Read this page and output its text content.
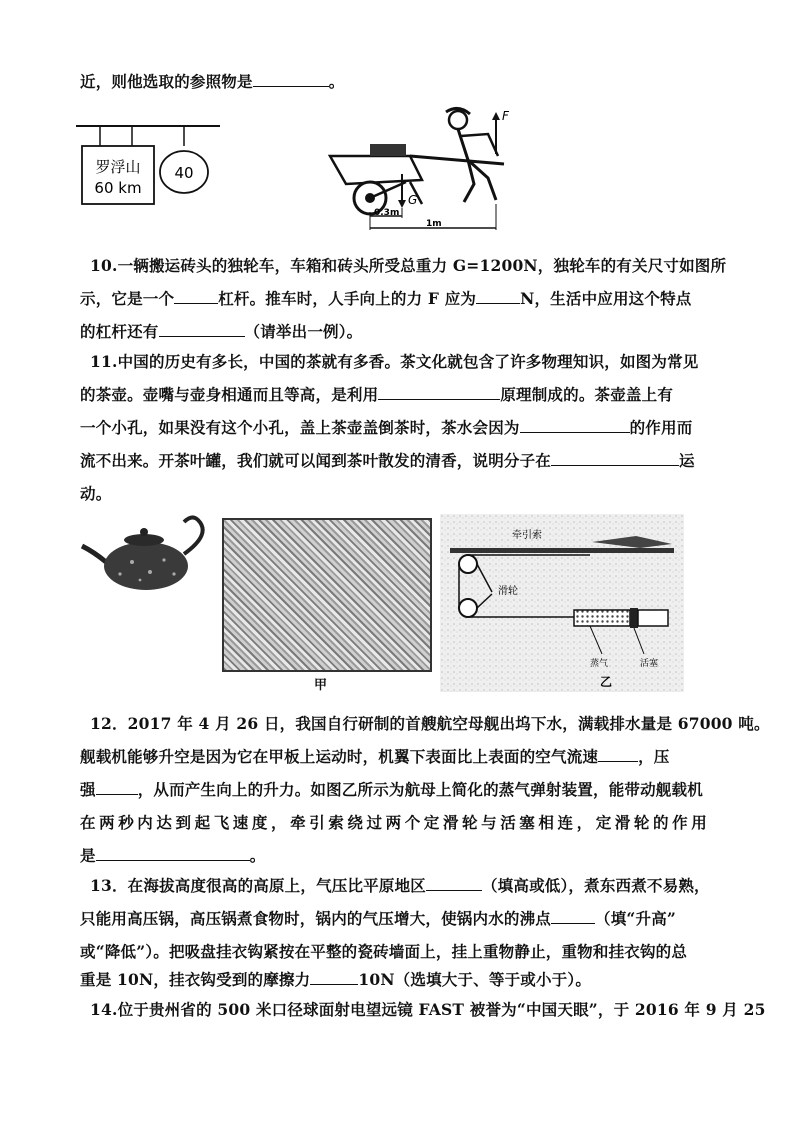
近，则他选取的参照物是	。
罗浮山
60 km
40
G
F
0.3m
1m
10.一辆搬运砖头的独轮车，车箱和砖头所受总重力 G=1200N，独轮车的有关尺寸如图所
示，它是一个	杠杆。推车时，人手向上的力 F 应为	N，生活中应用这个特点
的杠杆还有	（请举出一例）。
11.中国的历史有多长，中国的茶就有多香。茶文化就包含了许多物理知识，如图为常见
的茶壶。壶嘴与壶身相通而且等高，是利用	原理制成的。茶壶盖上有
一个小孔，如果没有这个小孔，盖上茶壶盖倒茶时，茶水会因为	的作用而
流不出来。开茶叶罐，我们就可以闻到茶叶散发的清香，说明分子在	运
动。
甲
牵引索
滑轮
蒸气	活塞
乙
12．2017 年 4 月 26 日，我国自行研制的首艘航空母舰出坞下水，满载排水量是 67000 吨。
舰载机能够升空是因为它在甲板上运动时，机翼下表面比上表面的空气流速	，压
强	，从而产生向上的升力。如图乙所示为航母上简化的蒸气弹射装置，能带动舰载机
在两秒内达到起飞速度，牵引索绕过两个定滑轮与活塞相连，定滑轮的作用
是	。
13．在海拔高度很高的高原上，气压比平原地区	（填高或低），煮东西煮不易熟，
只能用高压锅，高压锅煮食物时，锅内的气压增大，使锅内水的沸点	（填“升高”
或“降低”）。把吸盘挂衣钩紧按在平整的瓷砖墙面上，挂上重物静止，重物和挂衣钩的总
重是 10N，挂衣钩受到的摩擦力	10N（选填大于、等于或小于）。
14.位于贵州省的 500 米口径球面射电望远镜 FAST 被誉为“中国天眼”，于 2016 年 9 月 25
